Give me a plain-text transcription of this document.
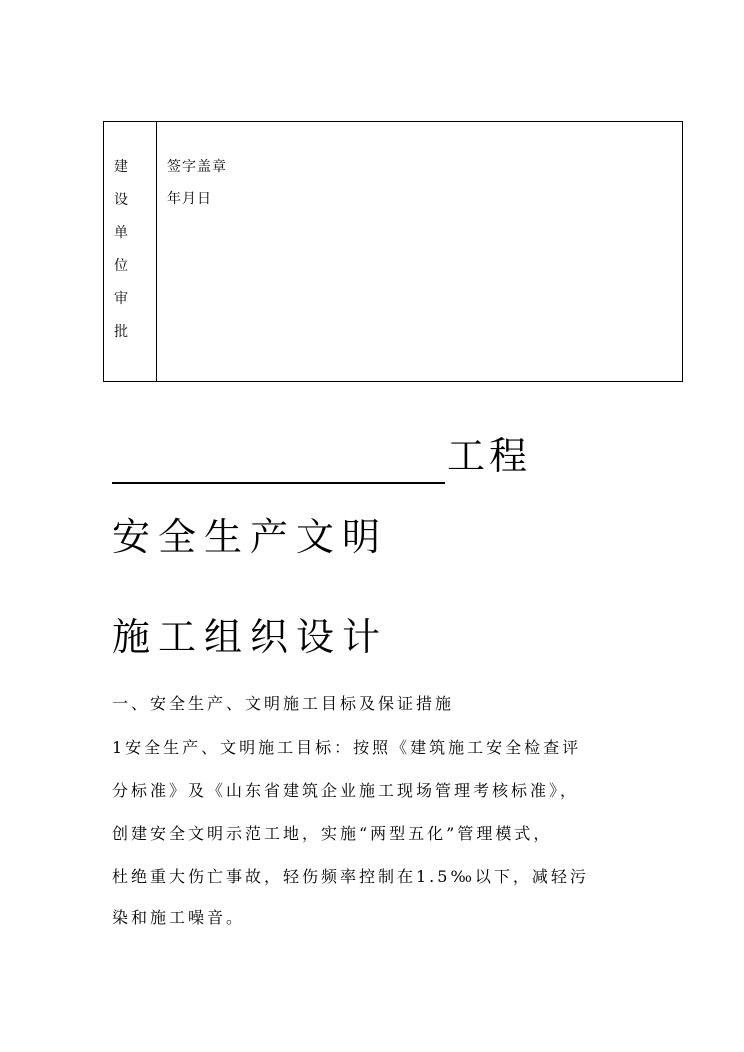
建
设
单
位
审
批
签字盖章
年月日
工程
安全生产文明
施工组织设计
一、安全生产、文明施工目标及保证措施
1安全生产、文明施工目标：按照《建筑施工安全检查评
分标准》及《山东省建筑企业施工现场管理考核标准》，
创建安全文明示范工地，实施“两型五化”管理模式，
杜绝重大伤亡事故，轻伤频率控制在1.5‰以下，减轻污
染和施工噪音。
